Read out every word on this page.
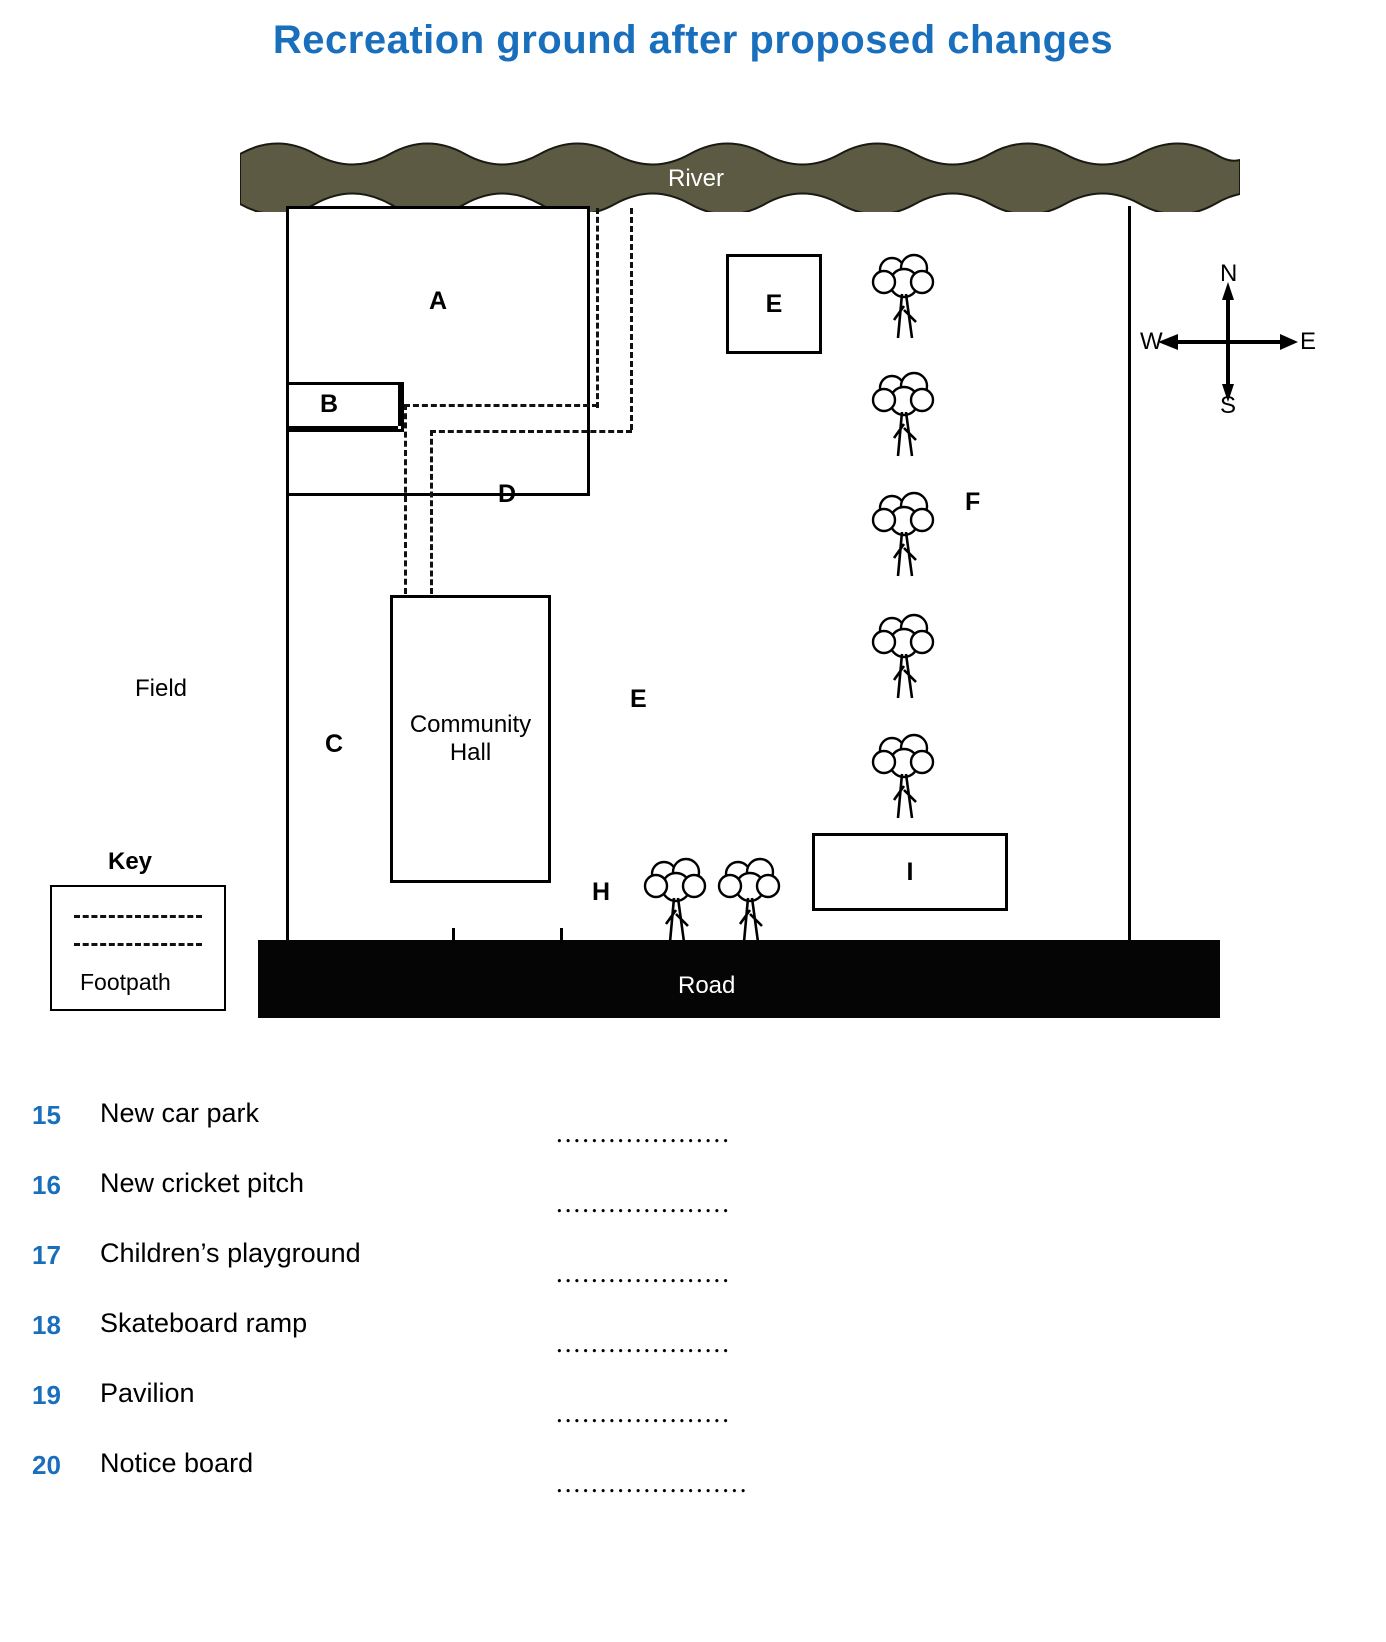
Recreation ground after proposed changes
River
Field
A
B
C
D
E
F
H
E
I
Community
Hall
Road
N
S
E
W
Key
Footpath
15 New car park
....................
16 New cricket pitch
....................
17 Children’s playground
....................
18 Skateboard ramp
....................
19 Pavilion
....................
20 Notice board
......................
